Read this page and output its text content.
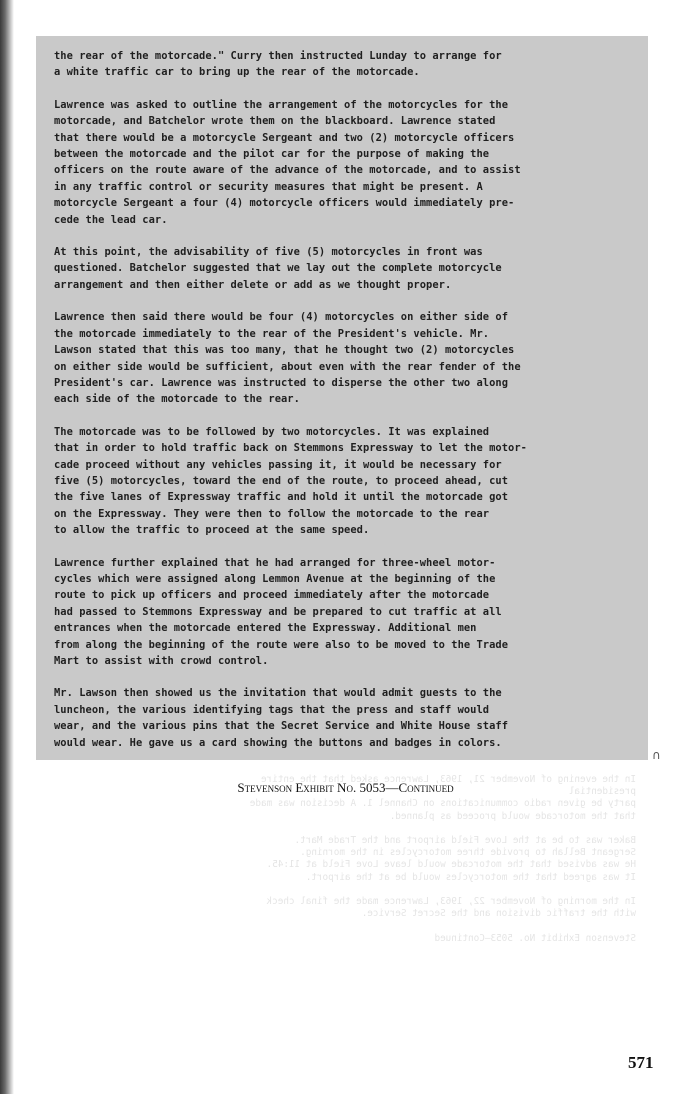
the rear of the motorcade." Curry then instructed Lunday to arrange for
a white traffic car to bring up the rear of the motorcade.

Lawrence was asked to outline the arrangement of the motorcycles for the
motorcade, and Batchelor wrote them on the blackboard. Lawrence stated
that there would be a motorcycle Sergeant and two (2) motorcycle officers
between the motorcade and the pilot car for the purpose of making the
officers on the route aware of the advance of the motorcade, and to assist
in any traffic control or security measures that might be present. A
motorcycle Sergeant a four (4) motorcycle officers would immediately pre-
cede the lead car.

At this point, the advisability of five (5) motorcycles in front was
questioned. Batchelor suggested that we lay out the complete motorcycle
arrangement and then either delete or add as we thought proper.

Lawrence then said there would be four (4) motorcycles on either side of
the motorcade immediately to the rear of the President's vehicle. Mr.
Lawson stated that this was too many, that he thought two (2) motorcycles
on either side would be sufficient, about even with the rear fender of the
President's car. Lawrence was instructed to disperse the other two along
each side of the motorcade to the rear.

The motorcade was to be followed by two motorcycles. It was explained
that in order to hold traffic back on Stemmons Expressway to let the motor-
cade proceed without any vehicles passing it, it would be necessary for
five (5) motorcycles, toward the end of the route, to proceed ahead, cut
the five lanes of Expressway traffic and hold it until the motorcade got
on the Expressway. They were then to follow the motorcade to the rear
to allow the traffic to proceed at the same speed.

Lawrence further explained that he had arranged for three-wheel motor-
cycles which were assigned along Lemmon Avenue at the beginning of the
route to pick up officers and proceed immediately after the motorcade
had passed to Stemmons Expressway and be prepared to cut traffic at all
entrances when the motorcade entered the Expressway. Additional men
from along the beginning of the route were also to be moved to the Trade
Mart to assist with crowd control.

Mr. Lawson then showed us the invitation that would admit guests to the
luncheon, the various identifying tags that the press and staff would
wear, and the various pins that the Secret Service and White House staff
would wear. He gave us a card showing the buttons and badges in colors.

∩
Stevenson Exhibit No. 5053—Continued
In the evening of November 21, 1963, Lawrence asked that the entire presidential
party be given radio communications on Channel 1. A decision was made
that the motorcade would proceed as planned.

Baker was to be at the Love Field airport and the Trade Mart.
Sergeant Bellah to provide three motorcycles in the morning.
He was advised that the motorcade would leave Love Field at 11:45.
It was agreed that the motorcycles would be at the airport.

In the morning of November 22, 1963, Lawrence made the final check
with the traffic division and the Secret Service.

Stevenson Exhibit No. 5053—Continued
571
